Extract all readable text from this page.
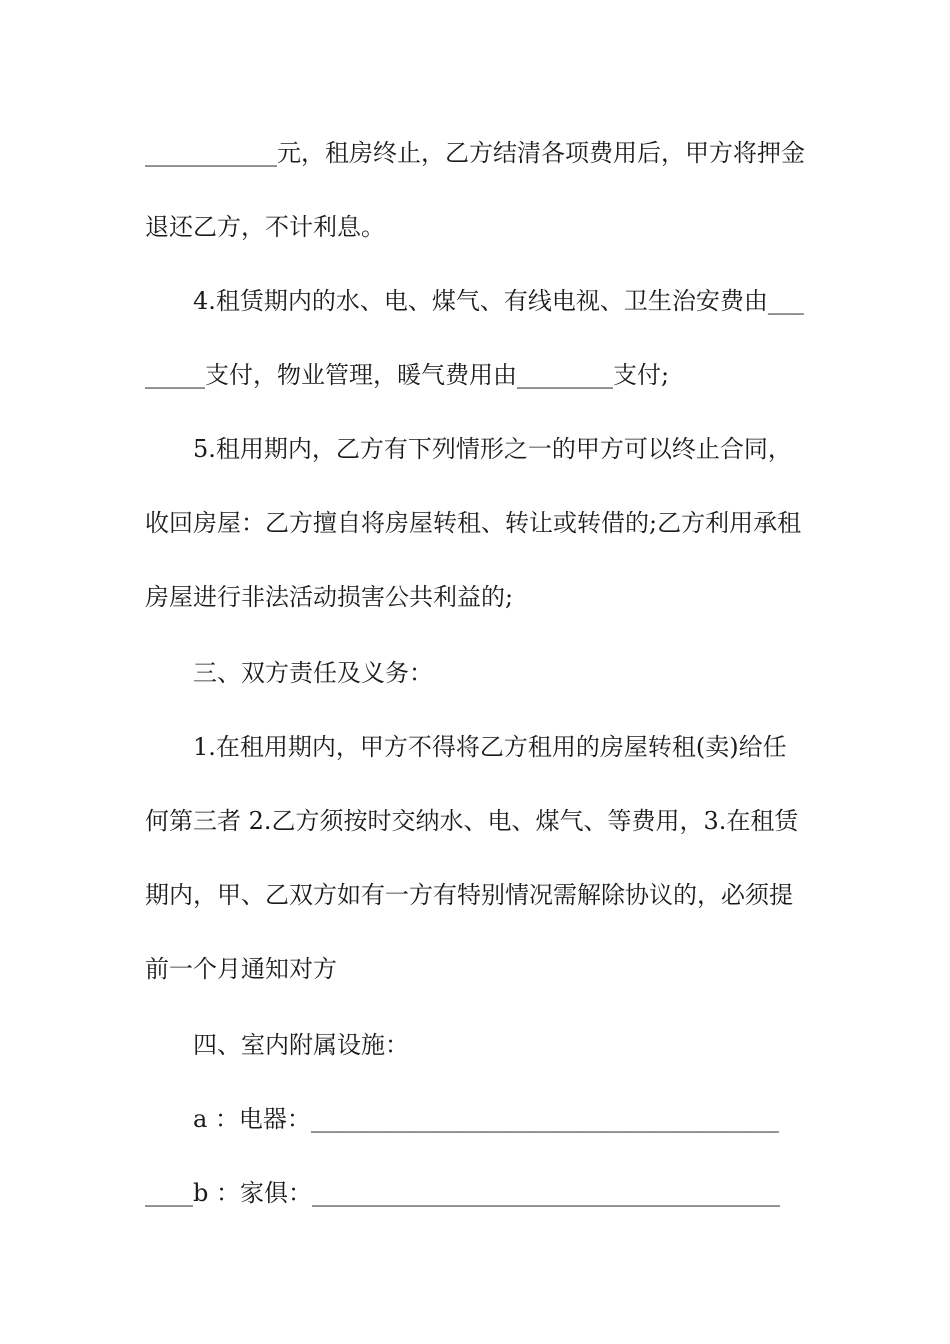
___________元，租房终止，乙方结清各项费用后，甲方将押金
退还乙方，不计利息。
4.租赁期内的水、电、煤气、有线电视、卫生治安费由___
_____支付，物业管理，暖气费用由________支付;
5.租用期内，乙方有下列情形之一的甲方可以终止合同，
收回房屋：乙方擅自将房屋转租、转让或转借的;乙方利用承租
房屋进行非法活动损害公共利益的;
三、双方责任及义务：
1.在租用期内，甲方不得将乙方租用的房屋转租(卖)给任
何第三者 2.乙方须按时交纳水、电、煤气、等费用，3.在租赁
期内，甲、乙双方如有一方有特别情况需解除协议的，必须提
前一个月通知对方
四、室内附属设施：
a ：电器：_______________________________________
____b ：家俱：_______________________________________
